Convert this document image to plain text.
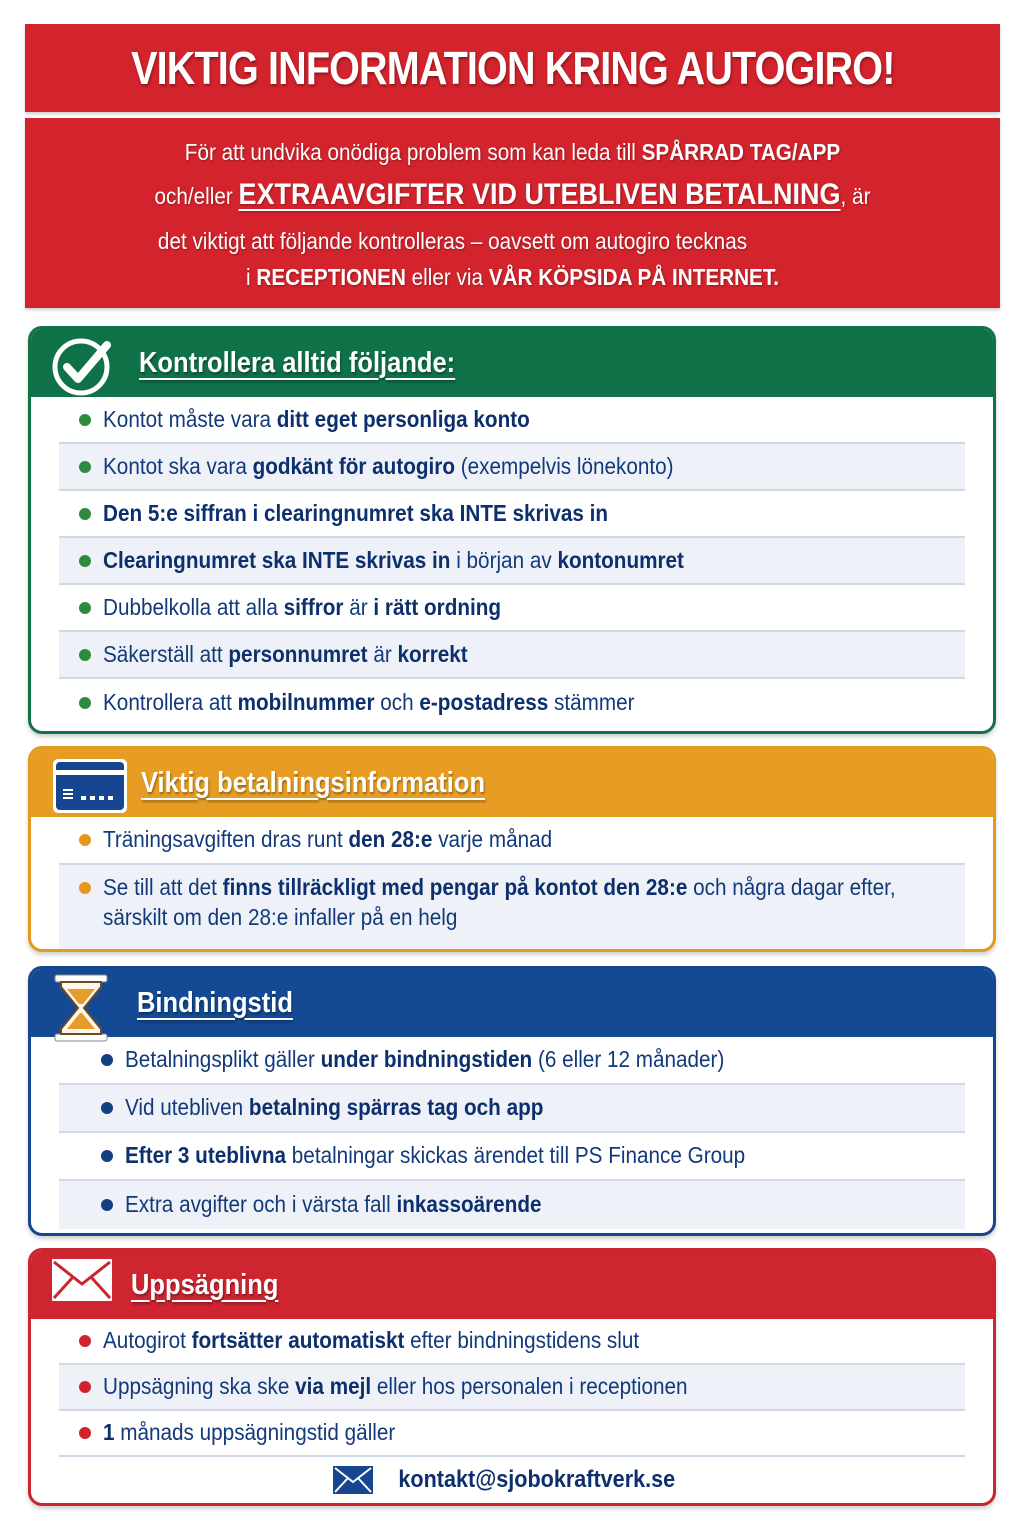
VIKTIG INFORMATION KRING AUTOGIRO!
För att undvika onödiga problem som kan leda till SPÅRRAD TAG/APP
och/eller EXTRAAVGIFTER VID UTEBLIVEN BETALNING, är
det viktigt att följande kontrolleras – oavsett om autogiro tecknas
i RECEPTIONEN eller via VÅR KÖPSIDA PÅ INTERNET.
Kontrollera alltid följande:
Kontot måste vara ditt eget personliga konto
Kontot ska vara godkänt för autogiro (exempelvis lönekonto)
Den 5:e siffran i clearingnumret ska INTE skrivas in
Clearingnumret ska INTE skrivas in i början av kontonumret
Dubbelkolla att alla siffror är i rätt ordning
Säkerställ att personnumret är korrekt
Kontrollera att mobilnummer och e-postadress stämmer
Viktig betalningsinformation
Träningsavgiften dras runt den 28:e varje månad
Se till att det finns tillräckligt med pengar på kontot den 28:e och några dagar efter,
särskilt om den 28:e infaller på en helg
Bindningstid
Betalningsplikt gäller under bindningstiden (6 eller 12 månader)
Vid utebliven betalning spärras tag och app
Efter 3 uteblivna betalningar skickas ärendet till PS Finance Group
Extra avgifter och i värsta fall inkassoärende
Uppsägning
Autogirot fortsätter automatiskt efter bindningstidens slut
Uppsägning ska ske via mejl eller hos personalen i receptionen
1 månads uppsägningstid gäller
kontakt@sjobokraftverk.se
